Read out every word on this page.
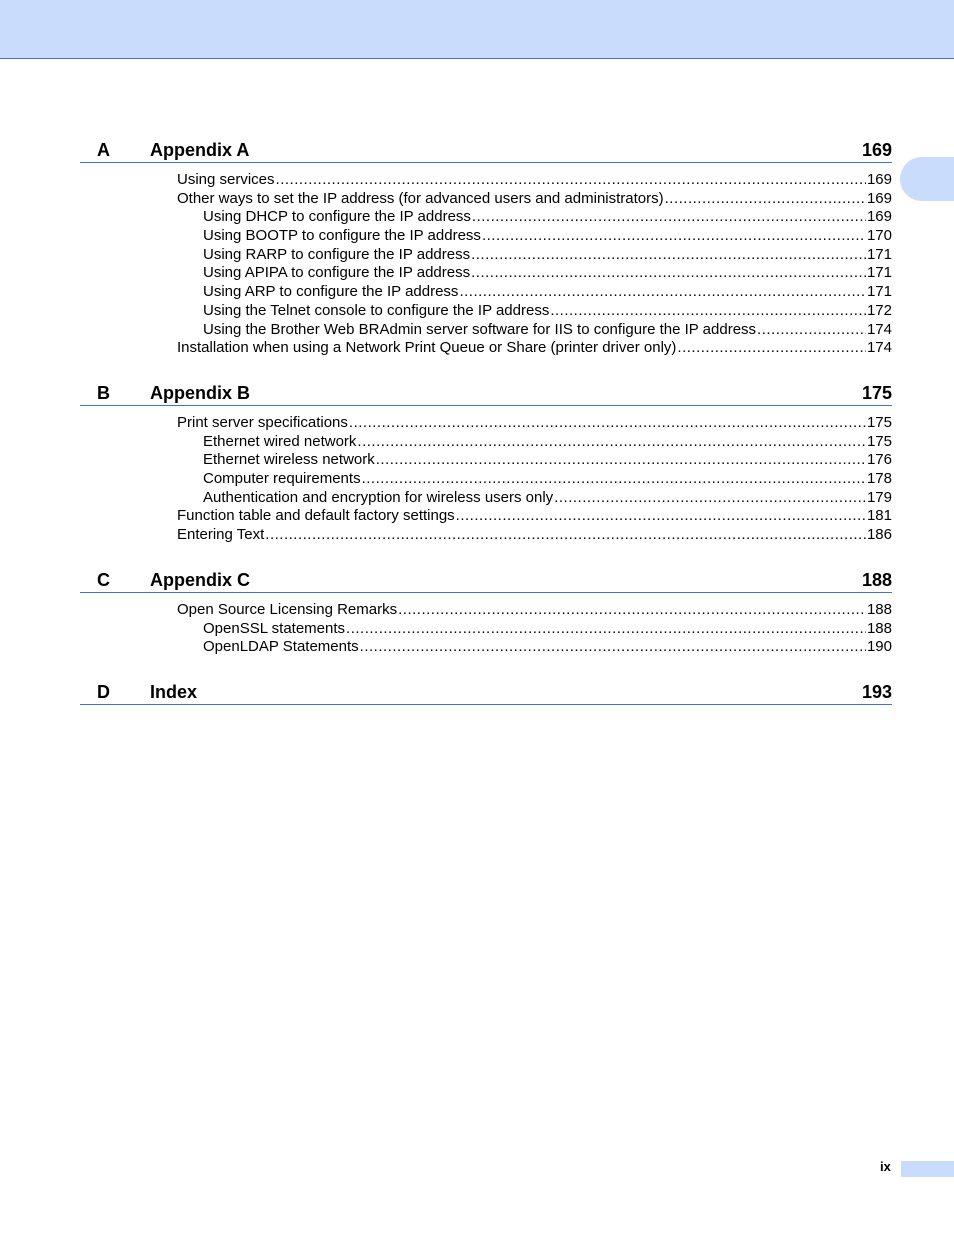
A	Appendix A	169
Using services .....	169
Other ways to set the IP address (for advanced users and administrators) .....	169
Using DHCP to configure the IP address .....	169
Using BOOTP to configure the IP address .....	170
Using RARP to configure the IP address .....	171
Using APIPA to configure the IP address .....	171
Using ARP to configure the IP address .....	171
Using the Telnet console to configure the IP address .....	172
Using the Brother Web BRAdmin server software for IIS to configure the IP address .....	174
Installation when using a Network Print Queue or Share (printer driver only) .....	174
B	Appendix B	175
Print server specifications .....	175
Ethernet wired network .....	175
Ethernet wireless network .....	176
Computer requirements .....	178
Authentication and encryption for wireless users only .....	179
Function table and default factory settings .....	181
Entering Text .....	186
C	Appendix C	188
Open Source Licensing Remarks .....	188
OpenSSL statements .....	188
OpenLDAP Statements .....	190
D	Index	193
ix
